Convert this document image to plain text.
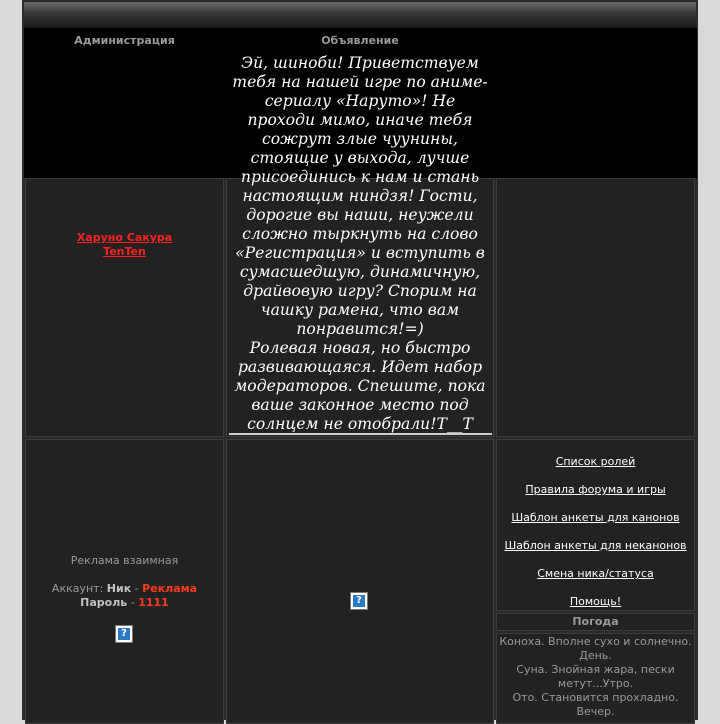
Администрация	Объявление
Эй, шиноби! Приветствуем тебя на нашей игре по аниме-сериалу «Наруто»! Не проходи мимо, иначе тебя сожрут злые чуунины, стоящие у выхода, лучше присоединись к нам и стань настоящим ниндзя! Гости, дорогие вы наши, неужели сложно тыркнуть на слово «Регистрация» и вступить в сумасшедшую, динамичную, драйвовую игру? Спорим на чашку рамена, что вам понравится!=)
Ролевая новая, но быстро развивающаяся. Идет набор модераторов. Спешите, пока ваше законное место под солнцем не отобрали!T__T
Харуно Сакура
TenTen
Реклама взаимная
Аккаунт: Ник - Реклама
Пароль - 1111
?
?
Список ролей
Правила форума и игры
Шаблон анкеты для канонов
Шаблон анкеты для неканонов
Смена ника/статуса
Помощь!
Погода
Коноха. Вполне сухо и солнечно. День.
Суна. Знойная жара, пески метут...Утро.
Ото. Становится прохладно. Вечер.
